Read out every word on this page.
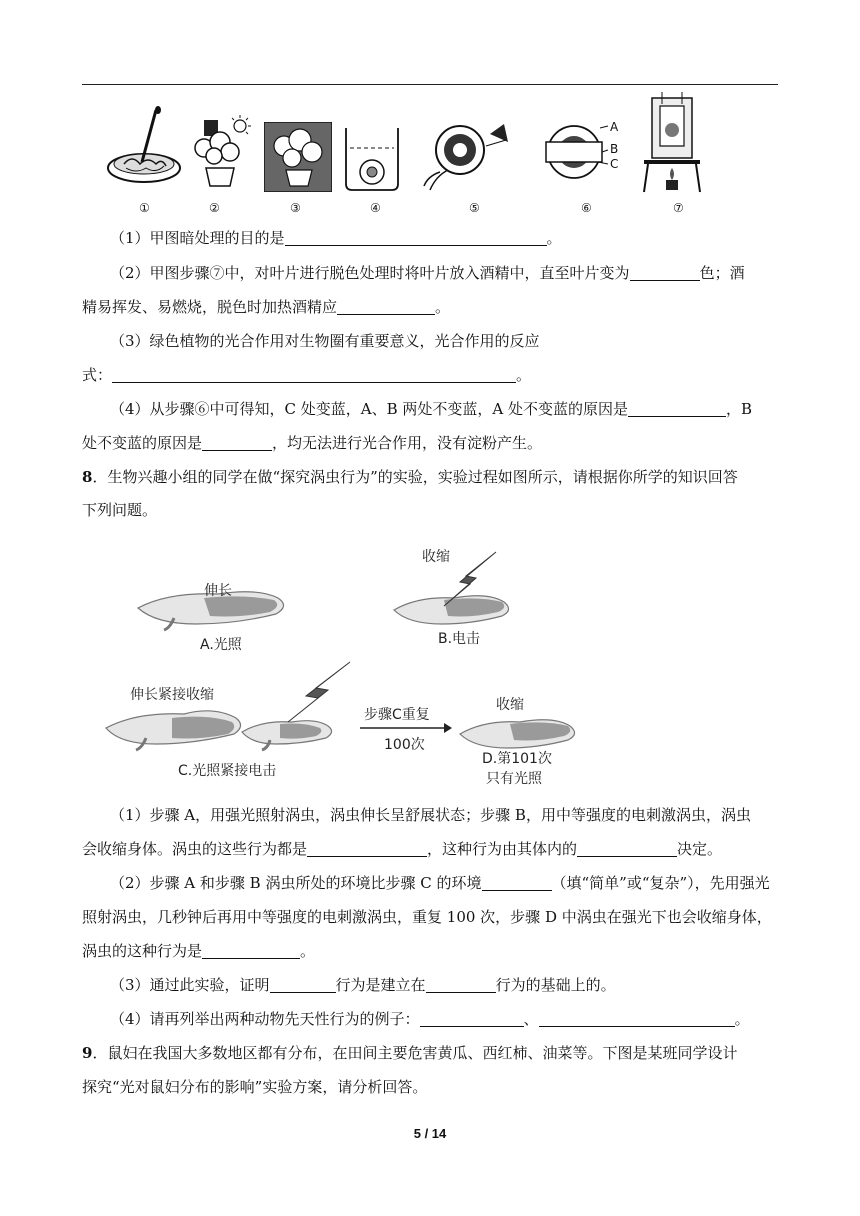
A
B
C
①	②	③	④	⑤	⑥	⑦
（1）甲图暗处理的目的是	。
（2）甲图步骤⑦中，对叶片进行脱色处理时将叶片放入酒精中，直至叶片变为	色；酒
精易挥发、易燃烧，脱色时加热酒精应	。
（3）绿色植物的光合作用对生物圈有重要意义，光合作用的反应
式：	。
（4）从步骤⑥中可得知，C 处变蓝，A、B 两处不变蓝，A 处不变蓝的原因是	，B
处不变蓝的原因是	，均无法进行光合作用，没有淀粉产生。
8．生物兴趣小组的同学在做“探究涡虫行为”的实验，实验过程如图所示，请根据你所学的知识回答
下列问题。
伸长
A.光照
收缩
B.电击
伸长紧接收缩
C.光照紧接电击
步骤C重复
100次
收缩
D.第101次
只有光照
（1）步骤 A，用强光照射涡虫，涡虫伸长呈舒展状态；步骤 B，用中等强度的电刺激涡虫，涡虫
会收缩身体。涡虫的这些行为都是	，这种行为由其体内的	决定。
（2）步骤 A 和步骤 B 涡虫所处的环境比步骤 C 的环境	（填“简单”或“复杂”），先用强光
照射涡虫，几秒钟后再用中等强度的电刺激涡虫，重复 100 次，步骤 D 中涡虫在强光下也会收缩身体，
涡虫的这种行为是	。
（3）通过此实验，证明	行为是建立在	行为的基础上的。
（4）请再列举出两种动物先天性行为的例子：	、	。
9．鼠妇在我国大多数地区都有分布，在田间主要危害黄瓜、西红柿、油菜等。下图是某班同学设计
探究“光对鼠妇分布的影响”实验方案，请分析回答。
5 / 14
